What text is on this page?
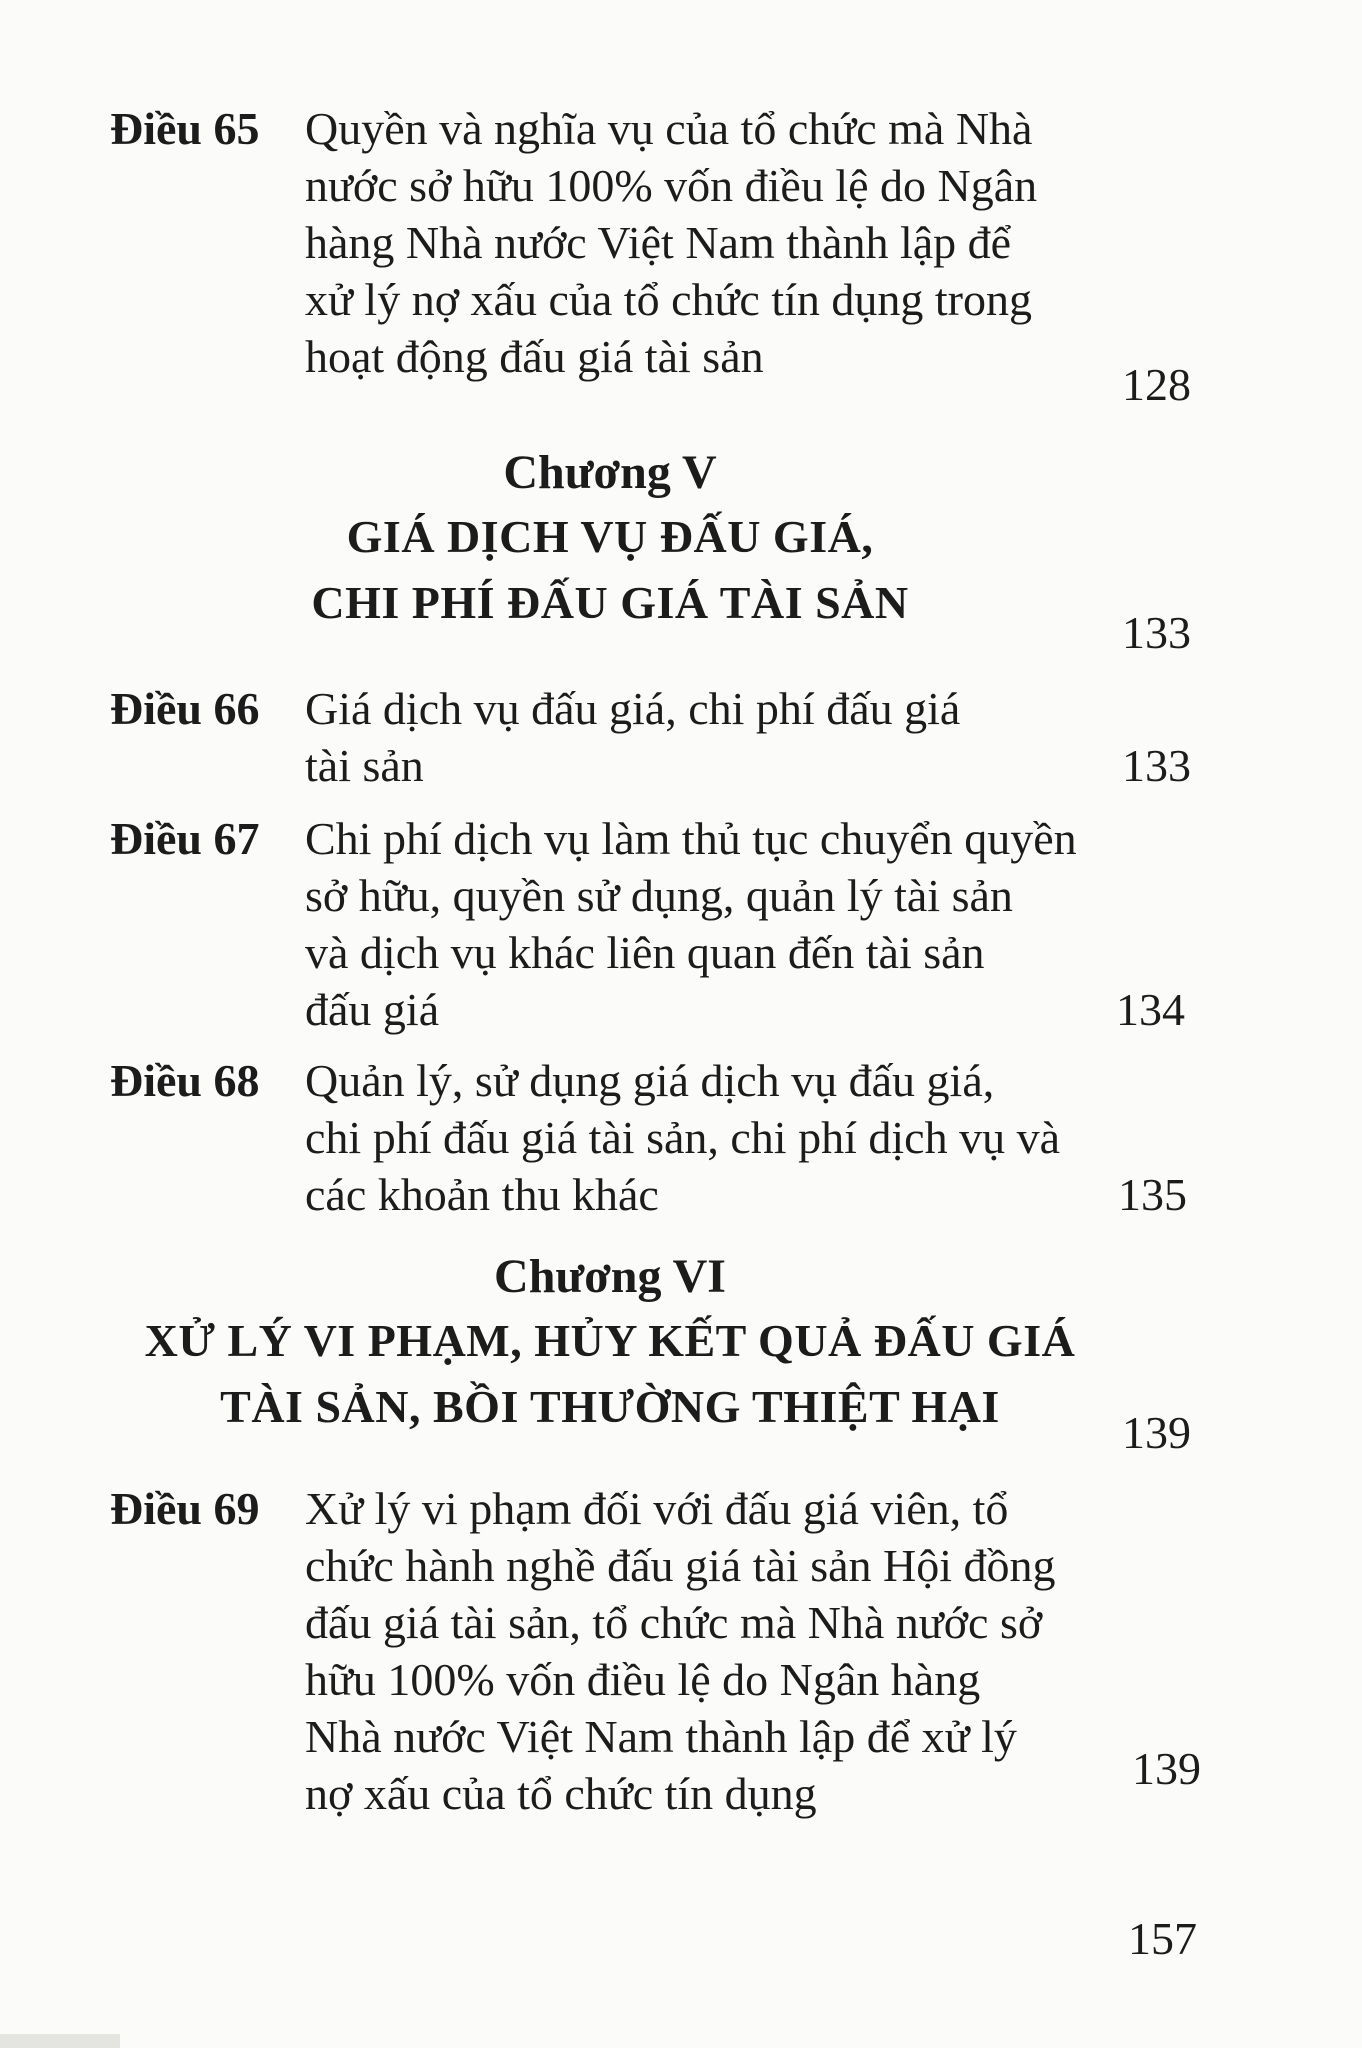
Điều 65 Quyền và nghĩa vụ của tổ chức mà Nhà
nước sở hữu 100% vốn điều lệ do Ngân
hàng Nhà nước Việt Nam thành lập để
xử lý nợ xấu của tổ chức tín dụng trong
hoạt động đấu giá tài sản
128
Chương V
GIÁ DỊCH VỤ ĐẤU GIÁ,
CHI PHÍ ĐẤU GIÁ TÀI SẢN
133
Điều 66 Giá dịch vụ đấu giá, chi phí đấu giá
tài sản	133
Điều 67 Chi phí dịch vụ làm thủ tục chuyển quyền
sở hữu, quyền sử dụng, quản lý tài sản
và dịch vụ khác liên quan đến tài sản
đấu giá	134
Điều 68 Quản lý, sử dụng giá dịch vụ đấu giá,
chi phí đấu giá tài sản, chi phí dịch vụ và
các khoản thu khác	135
Chương VI
XỬ LÝ VI PHẠM, HỦY KẾT QUẢ ĐẤU GIÁ
TÀI SẢN, BỒI THƯỜNG THIỆT HẠI
139
Điều 69 Xử lý vi phạm đối với đấu giá viên, tổ
chức hành nghề đấu giá tài sản Hội đồng
đấu giá tài sản, tổ chức mà Nhà nước sở
hữu 100% vốn điều lệ do Ngân hàng
Nhà nước Việt Nam thành lập để xử lý
nợ xấu của tổ chức tín dụng	139
157
